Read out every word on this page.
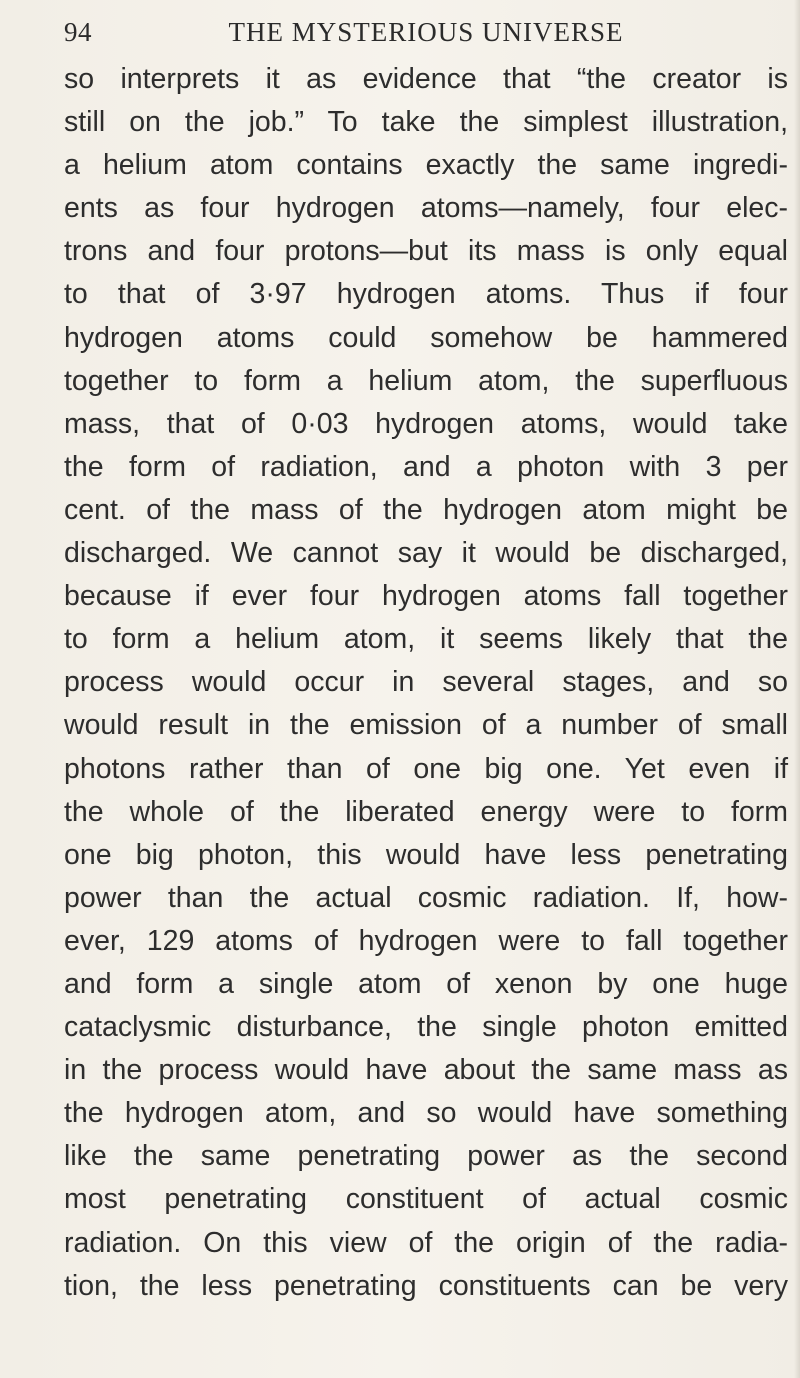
94	THE MYSTERIOUS UNIVERSE
so interprets it as evidence that “the creator is
still on the job.” To take the simplest illustration,
a helium atom contains exactly the same ingredi-
ents as four hydrogen atoms—namely, four elec-
trons and four protons—but its mass is only equal
to that of 3·97 hydrogen atoms. Thus if four
hydrogen atoms could somehow be hammered
together to form a helium atom, the superfluous
mass, that of 0·03 hydrogen atoms, would take
the form of radiation, and a photon with 3 per
cent. of the mass of the hydrogen atom might be
discharged. We cannot say it would be discharged,
because if ever four hydrogen atoms fall together
to form a helium atom, it seems likely that the
process would occur in several stages, and so
would result in the emission of a number of small
photons rather than of one big one. Yet even if
the whole of the liberated energy were to form
one big photon, this would have less penetrating
power than the actual cosmic radiation. If, how-
ever, 129 atoms of hydrogen were to fall together
and form a single atom of xenon by one huge
cataclysmic disturbance, the single photon emitted
in the process would have about the same mass as
the hydrogen atom, and so would have something
like the same penetrating power as the second
most penetrating constituent of actual cosmic
radiation. On this view of the origin of the radia-
tion, the less penetrating constituents can be very
